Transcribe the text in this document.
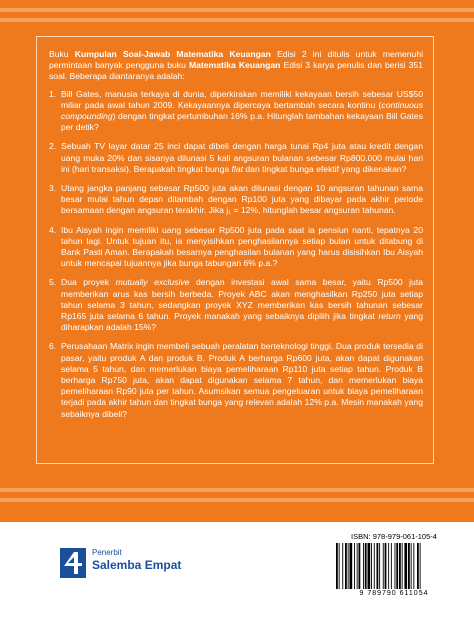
Buku Kumpulan Soal-Jawab Matematika Keuangan Edisi 2 ini ditulis untuk memenuhi permintaan banyak pengguna buku Matematika Keuangan Edisi 3 karya penulis dan berisi 351 soal. Beberapa diantaranya adalah:

1. Bill Gates, manusia terkaya di dunia, diperkirakan memiliki kekayaan bersih sebesar US$50 miliar pada awal tahun 2009. Kekayaannya dipercaya bertambah secara kontinu (continuous compounding) dengan tingkat pertumbuhan 16% p.a. Hitunglah tambahan kekayaan Bill Gates per detik?
2. Sebuah TV layar datar 25 inci dapat dibeli dengan harga tunai Rp4 juta atau kredit dengan uang muka 20% dan sisanya dilunasi 5 kali angsuran bulanan sebesar Rp800.000 mulai hari ini (hari transaksi). Berapakah tingkat bunga flat dan tingkat bunga efektif yang dikenakan?
3. Utang jangka panjang sebesar Rp500 juta akan dilunasi dengan 10 angsuran tahunan sama besar mulai tahun depan ditambah dengan Rp100 juta yang dibayar pada akhir periode bersamaan dengan angsuran terakhir. Jika j₁ = 12%, hitunglah besar angsuran tahunan.
4. Ibu Aisyah ingin memiliki uang sebesar Rp500 juta pada saat ia pensiun nanti, tepatnya 20 tahun lagi. Untuk tujuan itu, ia menyisihkan penghasilannya setiap bulan untuk ditabung di Bank Pasti Aman. Berapakah besarnya penghasilan bulanan yang harus disisihkan Ibu Aisyah untuk mencapai tujuannya jika bunga tabungan 6% p.a.?
5. Dua proyek mutually exclusive dengan investasi awal sama besar, yaitu Rp500 juta memberikan arus kas bersih berbeda. Proyek ABC akan menghasilkan Rp250 juta setiap tahun selama 3 tahun, sedangkan proyek XYZ memberikan kas bersih tahunan sebesar Rp165 juta selama 6 tahun. Proyek manakah yang sebaiknya dipilih jika tingkat return yang diharapkan adalah 15%?
6. Perusahaan Matrix ingin membeli sebuah peralatan berteknologi tinggi. Dua produk tersedia di pasar, yaitu produk A dan produk B. Produk A berharga Rp600 juta, akan dapat digunakan selama 5 tahun, dan memerlukan biaya pemeliharaan Rp110 juta setiap tahun. Produk B berharga Rp750 juta, akan dapat digunakan selama 7 tahun, dan memerlukan biaya pemeliharaan Rp90 juta per tahun. Asumsikan semua pengeluaran untuk biaya pemeliharaan terjadi pada akhir tahun dan tingkat bunga yang relevan adalah 12% p.a. Mesin manakah yang sebaiknya dibeli?
Penerbit
Salemba Empat
ISBN: 978-979-061-105-4
9 789790 611054
